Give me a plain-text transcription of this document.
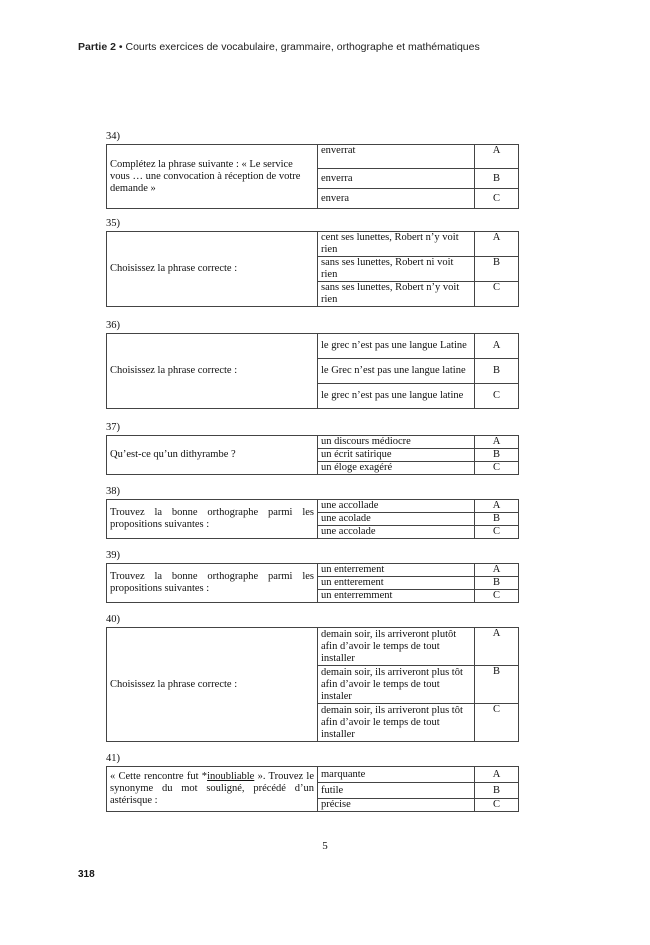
Partie 2 • Courts exercices de vocabulaire, grammaire, orthographe et mathématiques
34)
Complétez la phrase suivante : « Le service vous … une convocation à réception de votre demande »	enverrat	A
	enverra	B
	envera	C
35)
Choisissez la phrase correcte :	cent ses lunettes, Robert n’y voit rien	A
	sans ses lunettes, Robert ni voit rien	B
	sans ses lunettes, Robert n’y voit rien	C
36)
Choisissez la phrase correcte :	le grec n’est pas une langue Latine	A
	le Grec n’est pas une langue latine	B
	le grec n’est pas une langue latine	C
37)
Qu’est-ce qu’un dithyrambe ?	un discours médiocre	A
	un écrit satirique	B
	un éloge exagéré	C
38)
Trouvez la bonne orthographe parmi les propositions suivantes :	une accollade	A
	une acolade	B
	une accolade	C
39)
Trouvez la bonne orthographe parmi les propositions suivantes :	un enterrement	A
	un entterement	B
	un enterremment	C
40)
Choisissez la phrase correcte :	demain soir, ils arriveront plutôt afin d’avoir le temps de tout installer	A
	demain soir, ils arriveront plus tôt afin d’avoir le temps de tout instaler	B
	demain soir, ils arriveront plus tôt afin d’avoir le temps de tout installer	C
41)
« Cette rencontre fut *inoubliable ». Trouvez le synonyme du mot souligné, précédé d’un astérisque :	marquante	A
	futile	B
	précise	C
5
318
